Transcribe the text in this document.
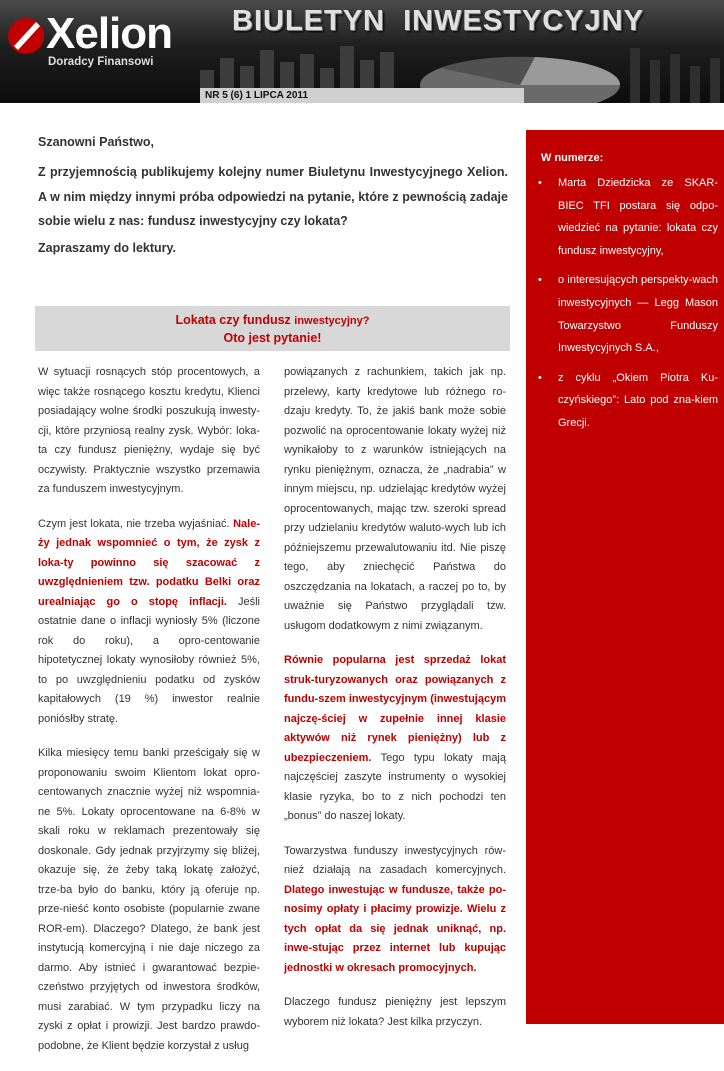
Xelion
Doradcy Finansowi
BIULETYN  INWESTYCYJNY
NR 5 (6) 1 LIPCA 2011
W numerze:
• Marta Dziedzicka ze SKAR-BIEC TFI postara się odpo-wiedzieć na pytanie: lokata czy fundusz inwestycyjny,
• o interesujących perspekty-wach inwestycyjnych — Legg Mason Towarzystwo Funduszy Inwestycyjnych S.A.,
• z cyklu „Okiem Piotra Ku-czyńskiego”: Lato pod zna-kiem Grecji.
Szanowni Państwo,
Z przyjemnością publikujemy kolejny numer Biuletynu Inwestycyjnego Xelion. A w nim między innymi próba odpowiedzi na pytanie, które z pewnością zadaje sobie wielu z nas: fundusz inwestycyjny czy lokata?
Zapraszamy do lektury.
Lokata czy fundusz inwestycyjny?
Oto jest pytanie!

W sytuacji rosnących stóp procentowych, a więc także rosnącego kosztu kredytu, Klienci posiadający wolne środki poszukują inwesty-cji, które przyniosą realny zysk. Wybór: loka-ta czy fundusz pieniężny, wydaje się być oczywisty. Praktycznie wszystko przemawia za funduszem inwestycyjnym.

Czym jest lokata, nie trzeba wyjaśniać. Nale-ży jednak wspomnieć o tym, że zysk z loka-ty powinno się szacować z uwzględnieniem tzw. podatku Belki oraz urealniając go o stopę inflacji. Jeśli ostatnie dane o inflacji wyniosły 5% (liczone rok do roku), a opro-centowanie hipotetycznej lokaty wynosiłoby również 5%, to po uwzględnieniu podatku od zysków kapitałowych (19 %) inwestor realnie poniósłby stratę.

Kilka miesięcy temu banki prześcigały się w proponowaniu swoim Klientom lokat opro-centowanych znacznie wyżej niż wspomnia-ne 5%. Lokaty oprocentowane na 6-8% w skali roku w reklamach prezentowały się doskonale. Gdy jednak przyjrzymy się bliżej, okazuje się, że żeby taką lokatę założyć, trze-ba było do banku, który ją oferuje np. prze-nieść konto osobiste (popularnie zwane ROR-em). Dlaczego? Dlatego, że bank jest instytucją komercyjną i nie daje niczego za darmo. Aby istnieć i gwarantować bezpie-czeństwo przyjętych od inwestora środków, musi zarabiać. W tym przypadku liczy na zyski z opłat i prowizji. Jest bardzo prawdo-podobne, że Klient będzie korzystał z usług

powiązanych z rachunkiem, takich jak np. przelewy, karty kredytowe lub różnego ro-dzaju kredyty. To, że jakiś bank może sobie pozwolić na oprocentowanie lokaty wyżej niż wynikałoby to z warunków istniejących na rynku pieniężnym, oznacza, że „nadrabia” w innym miejscu, np. udzielając kredytów wyżej oprocentowanych, mając tzw. szeroki spread przy udzielaniu kredytów waluto-wych lub ich późniejszemu przewalutowaniu itd. Nie piszę tego, aby zniechęcić Państwa do oszczędzania na lokatach, a raczej po to, by uważnie się Państwo przyglądali tzw. usługom dodatkowym z nimi związanym.

Równie popularna jest sprzedaż lokat struk-turyzowanych oraz powiązanych z fundu-szem inwestycyjnym (inwestującym najczę-ściej w zupełnie innej klasie aktywów niż rynek pieniężny) lub z ubezpieczeniem. Tego typu lokaty mają najczęściej zaszyte instrumenty o wysokiej klasie ryzyka, bo to z nich pochodzi ten „bonus” do naszej lokaty.

Towarzystwa funduszy inwestycyjnych rów-nież działają na zasadach komercyjnych. Dlatego inwestując w fundusze, także po-nosimy opłaty i płacimy prowizje. Wielu z tych opłat da się jednak uniknąć, np. inwe-stując przez internet lub kupując jednostki w okresach promocyjnych.

Dlaczego fundusz pieniężny jest lepszym wyborem niż lokata? Jest kilka przyczyn.
